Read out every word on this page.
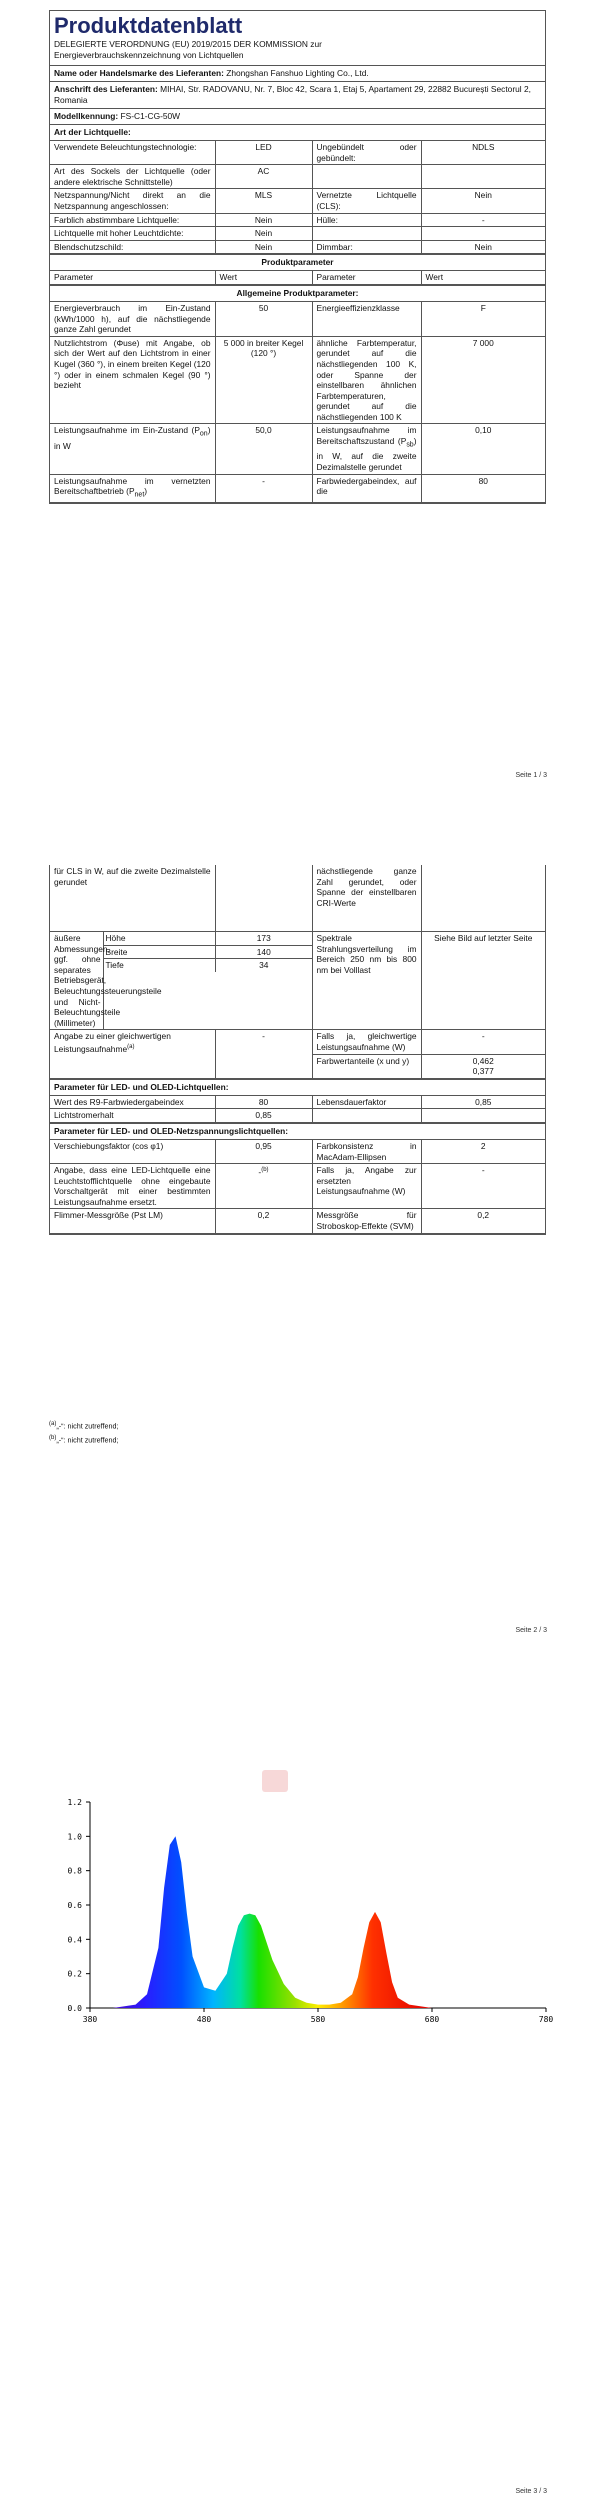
Produktdatenblatt
DELEGIERTE VERORDNUNG (EU) 2019/2015 DER KOMMISSION zur
Energieverbrauchskennzeichnung von Lichtquellen
Name oder Handelsmarke des Lieferanten: Zhongshan Fanshuo Lighting Co., Ltd.
Anschrift des Lieferanten: MIHAI, Str. RADOVANU, Nr. 7, Bloc 42, Scara 1, Etaj 5, Apartament 29, 22882 București Sectorul 2, Romania
Modellkennung: FS-C1-CG-50W
Art der Lichtquelle:
Verwendete Beleuchtungstechnologie:	LED	Ungebündelt oder gebündelt:	NDLS
Art des Sockels der Lichtquelle (oder andere elektrische Schnittstelle)	AC		
Netzspannung/Nicht direkt an die Netzspannung angeschlossen:	MLS	Vernetzte Lichtquelle (CLS):	Nein
Farblich abstimmbare Lichtquelle:	Nein	Hülle:	-
Lichtquelle mit hoher Leuchtdichte:	Nein		
Blendschutzschild:	Nein	Dimmbar:	Nein
Produktparameter
Parameter	Wert	Parameter	Wert
Allgemeine Produktparameter:
Energieverbrauch im Ein-Zustand (kWh/1000 h), auf die nächstliegende ganze Zahl gerundet	50	Energieeffizienzklasse	F
Nutzlichtstrom (Φuse) mit Angabe, ob sich der Wert auf den Lichtstrom in einer Kugel (360 °), in einem breiten Kegel (120 °) oder in einem schmalen Kegel (90 °) bezieht	5 000 in breiter Kegel (120 °)	ähnliche Farbtemperatur, gerundet auf die nächstliegenden 100 K, oder Spanne der einstellbaren ähnlichen Farbtemperaturen, gerundet auf die nächstliegenden 100 K	7 000
Leistungsaufnahme im Ein-Zustand $(P_{on})$ in W	50,0	Leistungsaufnahme im Bereitschaftszustand $(P_{sb})$ in W, auf die zweite Dezimalstelle gerundet	0,10
Leistungsaufnahme im vernetzten Bereitschaftbetrieb $(P_{net})$	-	Farbwiedergabeindex, auf die	80
Seite 1 / 3
für CLS in W, auf die zweite Dezimalstelle gerundet		nächstliegende ganze Zahl gerundet, oder Spanne der einstellbaren CRI-Werte	
äußere Abmessungen, ggf. ohne separates Betriebsgerät, Beleuchtungssteuerungsteile und Nicht-Beleuchtungsteile (Millimeter)	
Höhe	173
Breite	140
Tiefe	34
	Spektrale Strahlungsverteilung im Bereich 250 nm bis 800 nm bei Volllast	Siehe Bild auf letzter Seite
Angabe zu einer gleichwertigen Leistungsaufnahme$^{(a)}$	-	Falls ja, gleichwertige Leistungsaufnahme (W)	-
Farbwertanteile (x und y)	0,462
0,377
Parameter für LED- und OLED-Lichtquellen:
Wert des R9-Farbwiedergabeindex	80	Lebensdauerfaktor	0,85
Lichtstromerhalt	0,85		
Parameter für LED- und OLED-Netzspannungslichtquellen:
Verschiebungsfaktor (cos φ1)	0,95	Farbkonsistenz in MacAdam-Ellipsen	2
Angabe, dass eine LED-Lichtquelle eine Leuchtstofflichtquelle ohne eingebaute Vorschaltgerät mit einer bestimmten Leistungsaufnahme ersetzt.	-$^{(b)}$	Falls ja, Angabe zur ersetzten Leistungsaufnahme (W)	-
Flimmer-Messgröße (Pst LM)	0,2	Messgröße für Stroboskop-Effekte (SVM)	0,2
$^{(a)}$„-“: nicht zutreffend;
$^{(b)}$„-“: nicht zutreffend;
Seite 2 / 3
0.0
0.2
0.4
0.6
0.8
1.0
1.2
380	480	580	680	780
Seite 3 / 3
